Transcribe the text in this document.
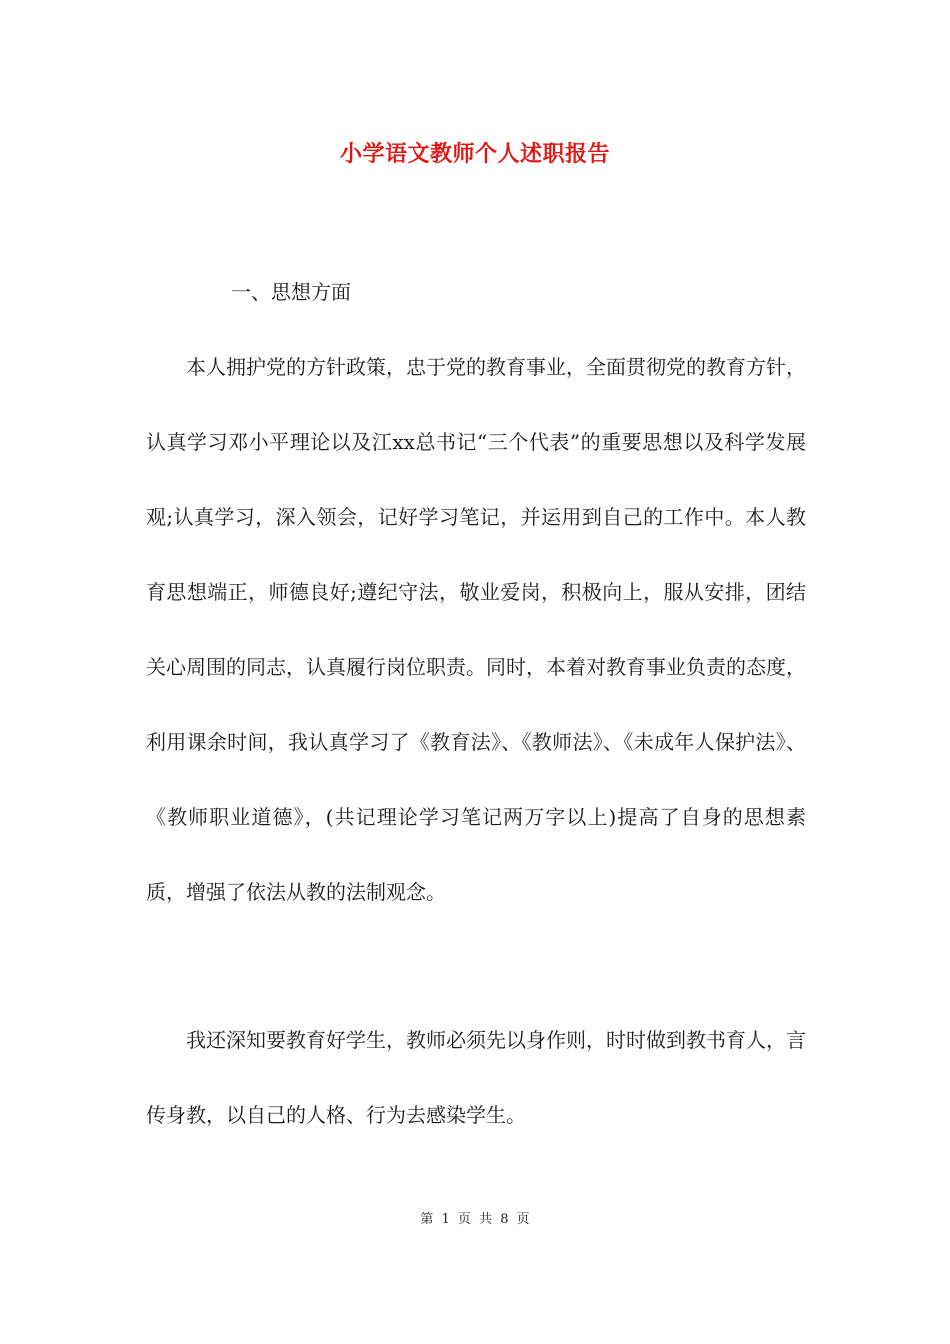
小学语文教师个人述职报告
一、思想方面

本人拥护党的方针政策，忠于党的教育事业，全面贯彻党的教育方针，认真学习邓小平理论以及江xx总书记“三个代表”的重要思想以及科学发展观;认真学习，深入领会，记好学习笔记，并运用到自己的工作中。本人教育思想端正，师德良好;遵纪守法，敬业爱岗，积极向上，服从安排，团结关心周围的同志，认真履行岗位职责。同时，本着对教育事业负责的态度，利用课余时间，我认真学习了《教育法》、《教师法》、《未成年人保护法》、《教师职业道德》，(共记理论学习笔记两万字以上)提高了自身的思想素质，增强了依法从教的法制观念。

我还深知要教育好学生，教师必须先以身作则，时时做到教书育人，言传身教，以自己的人格、行为去感染学生。

第 1 页 共 8 页
